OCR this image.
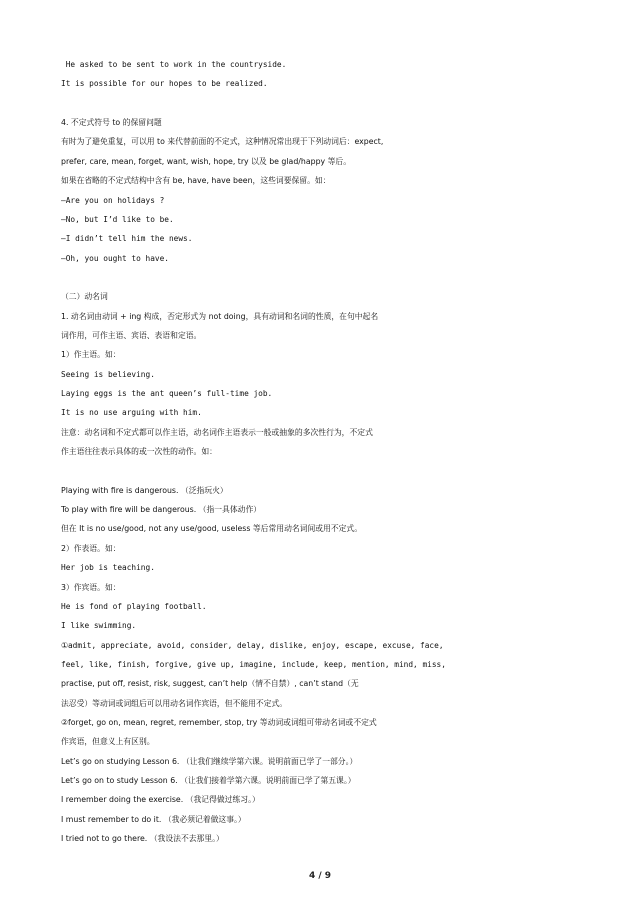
He asked to be sent to work in the countryside.
It is possible for our hopes to be realized.
4. 不定式符号 to 的保留问题
有时为了避免重复，可以用 to 来代替前面的不定式，这种情况常出现于下列动词后：expect,
prefer, care, mean, forget, want, wish, hope, try 以及 be glad/happy 等后。
如果在省略的不定式结构中含有 be, have, have been，这些词要保留。如：
—Are you on holidays ?
—No, but I’d like to be.
—I didn’t tell him the news.
—Oh, you ought to have.
（二）动名词
1. 动名词由动词 + ing 构成，否定形式为 not doing，具有动词和名词的性质，在句中起名
词作用，可作主语、宾语、表语和定语。
1）作主语。如：
Seeing is believing.
Laying eggs is the ant queen’s full-time job.
It is no use arguing with him.
注意：动名词和不定式都可以作主语，动名词作主语表示一般或抽象的多次性行为，不定式
作主语往往表示具体的或一次性的动作。如：
Playing with fire is dangerous. （泛指玩火）
To play with fire will be dangerous. （指一具体动作）
但在 It is no use/good, not any use/good, useless 等后常用动名词间或用不定式。
2）作表语。如：
Her job is teaching.
3）作宾语。如：
He is fond of playing football.
I like swimming.
①admit, appreciate, avoid, consider, delay, dislike, enjoy, escape, excuse, face,
feel, like, finish, forgive, give up, imagine, include, keep, mention, mind, miss,
practise, put off, resist, risk, suggest, can’t help（情不自禁）, can’t stand（无
法忍受）等动词或词组后可以用动名词作宾语，但不能用不定式。
②forget, go on, mean, regret, remember, stop, try 等动词或词组可带动名词或不定式
作宾语，但意义上有区别。
Let’s go on studying Lesson 6. （让我们继续学第六课。说明前面已学了一部分。）
Let’s go on to study Lesson 6. （让我们接着学第六课。说明前面已学了第五课。）
I remember doing the exercise. （我记得做过练习。）
I must remember to do it. （我必须记着做这事。）
I tried not to go there. （我设法不去那里。）
4 / 9
